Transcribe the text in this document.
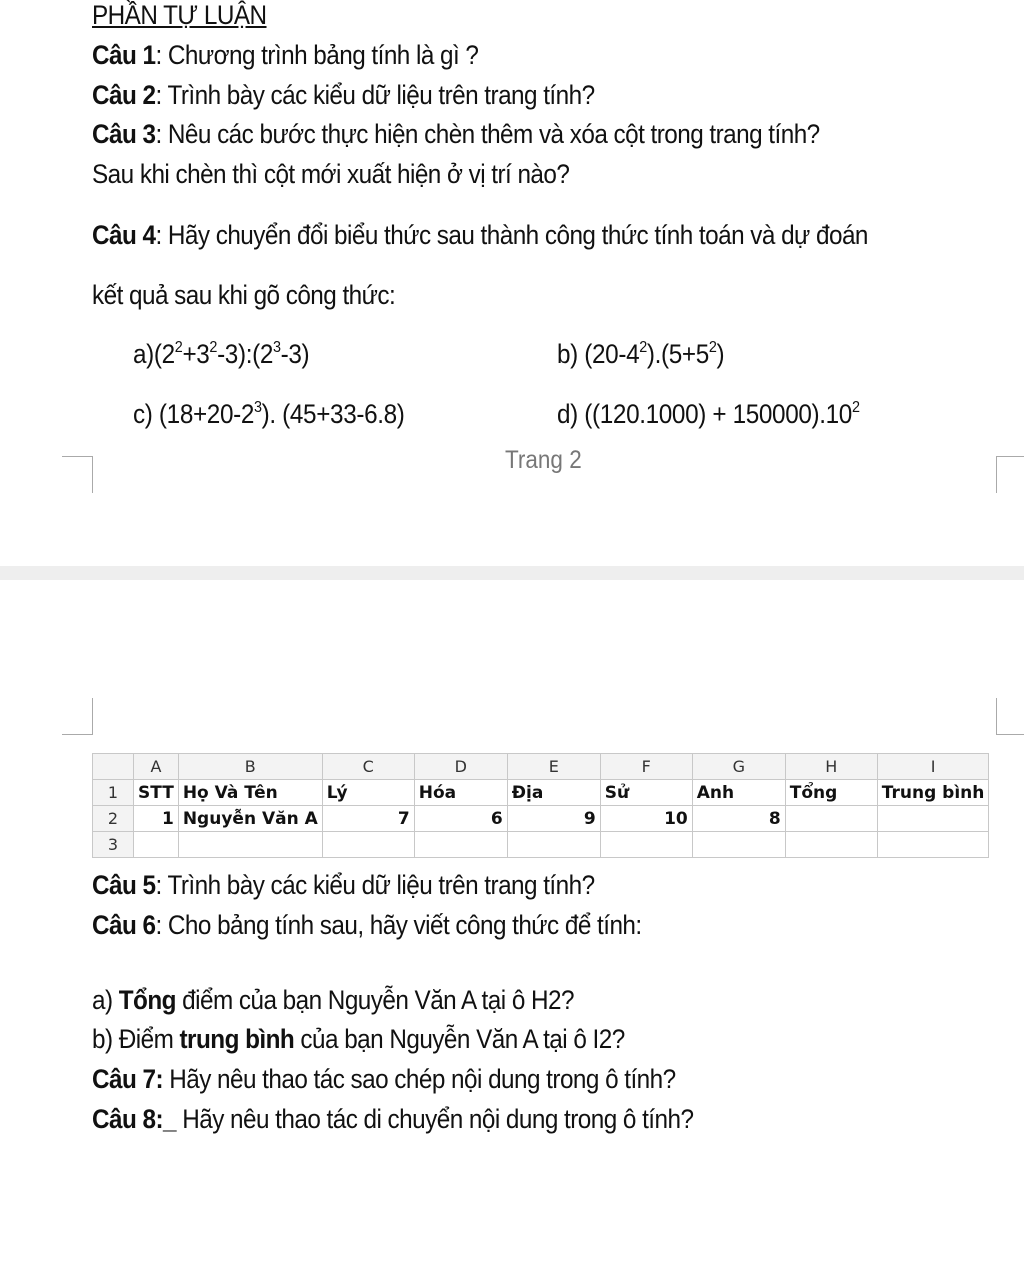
PHẦN TỰ LUẬN
Câu 1: Chương trình bảng tính là gì ?
Câu 2: Trình bày các kiểu dữ liệu trên trang tính?
Câu 3: Nêu các bước thực hiện chèn thêm và xóa cột trong trang tính?
Sau khi chèn thì cột mới xuất hiện ở vị trí nào?
Câu 4: Hãy chuyển đổi biểu thức sau thành công thức tính toán và dự đoán
kết quả sau khi gõ công thức:
$a)(2^2+3^2-3):(2^3-3)$	b) $(20-4^2).(5+5^2)$
c) $(18+20-2^3)$. (45+33-6.8)	d) $((120.1000) + 150000).10^2$
Trang 2
	A	B	C	D	E	F	G	H	I
1	STT	Họ Và Tên	Lý	Hóa	Địa	Sử	Anh	Tổng	Trung bình
2	1	Nguyễn Văn A	7	6	9	10	8		
3									
Câu 5: Trình bày các kiểu dữ liệu trên trang tính?
Câu 6: Cho bảng tính sau, hãy viết công thức để tính:
a) Tổng điểm của bạn Nguyễn Văn A tại ô H2?
b) Điểm trung bình của bạn Nguyễn Văn A tại ô I2?
Câu 7: Hãy nêu thao tác sao chép nội dung trong ô tính?
Câu 8:_ Hãy nêu thao tác di chuyển nội dung trong ô tính?
